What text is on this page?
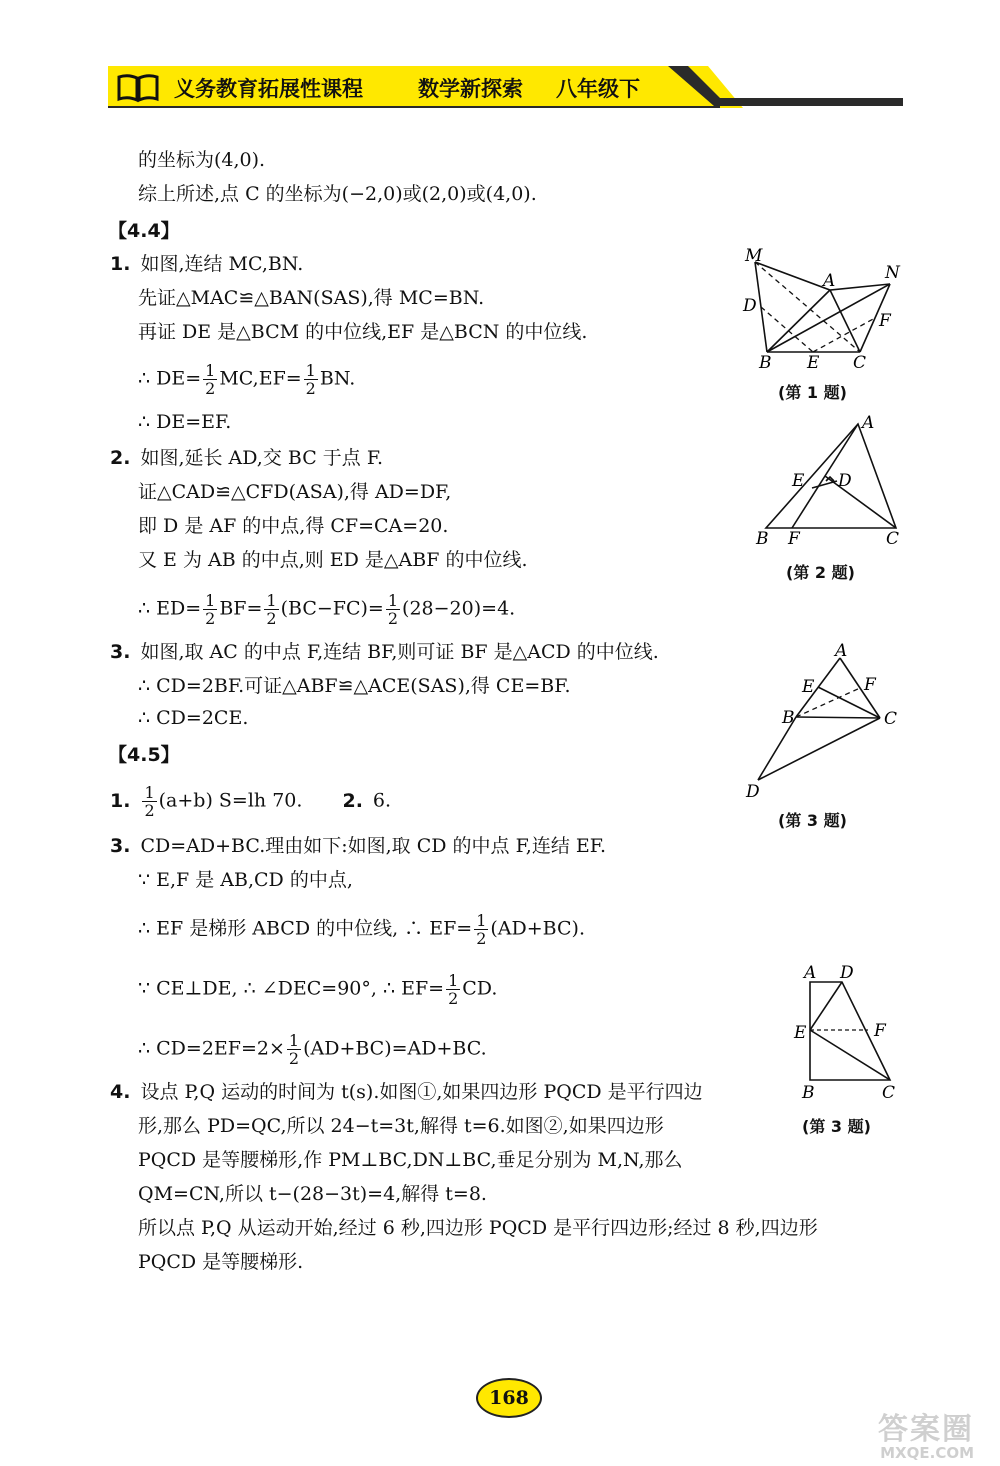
义务教育拓展性课程	数学新探索 八年级下
的坐标为(4,0).
综上所述,点 C 的坐标为(−2,0)或(2,0)或(4,0).
【4.4】
1. 如图,连结 MC,BN.
先证△MAC≌△BAN(SAS),得 MC=BN.
再证 DE 是△BCM 的中位线,EF 是△BCN 的中位线.
∴ $DE= \frac{1}{2} MC,EF= \frac{1}{2}$ BN.
∴ DE=EF.
2. 如图,延长 AD,交 BC 于点 F.
证△CAD≌△CFD(ASA),得 AD=DF,
即 D 是 AF 的中点,得 CF=CA=20.
又 E 为 AB 的中点,则 ED 是△ABF 的中位线.
∴ $ED= \frac{1}{2} BF= \frac{1}{2} (BC-FC)= \frac{1}{2} (28-20)=4$.
3. 如图,取 AC 的中点 F,连结 BF,则可证 BF 是△ACD 的中位线.
∴ CD=2BF.可证△ABF≌△ACE(SAS),得 CE=BF.
∴ CD=2CE.
【4.5】
1. $\frac{1}{2} (a+b)$ S=lh 70. 2. 6.
3. CD=AD+BC.理由如下:如图,取 CD 的中点 F,连结 EF.
∵ E,F 是 AB,CD 的中点,
∴ EF 是梯形 ABCD 的中位线, ∴ $EF= \frac{1}{2} (AD+BC)$.
∵ CE⊥DE, ∴ ∠DEC=90°, ∴ $EF= \frac{1}{2}$ CD.
∴ $CD=2EF=2\times \frac{1}{2} (AD+BC)=AD+BC$.
4. 设点 P,Q 运动的时间为 t(s).如图①,如果四边形 PQCD 是平行四边
形,那么 PD=QC,所以 24−t=3t,解得 t=6.如图②,如果四边形
PQCD 是等腰梯形,作 PM⊥BC,DN⊥BC,垂足分别为 M,N,那么
QM=CN,所以 t−(28−3t)=4,解得 t=8.
所以点 P,Q 从运动开始,经过 6 秒,四边形 PQCD 是平行四边形;经过 8 秒,四边形
PQCD 是等腰梯形.
M
A	N
D
F
B E C
(第 1 题)
A
E D
B F	C
(第 2 题)
A
E	F
B	C
D
(第 3 题)
A D
E	F
B	C
(第 3 题)
168
答案圈
MXQE.COM
